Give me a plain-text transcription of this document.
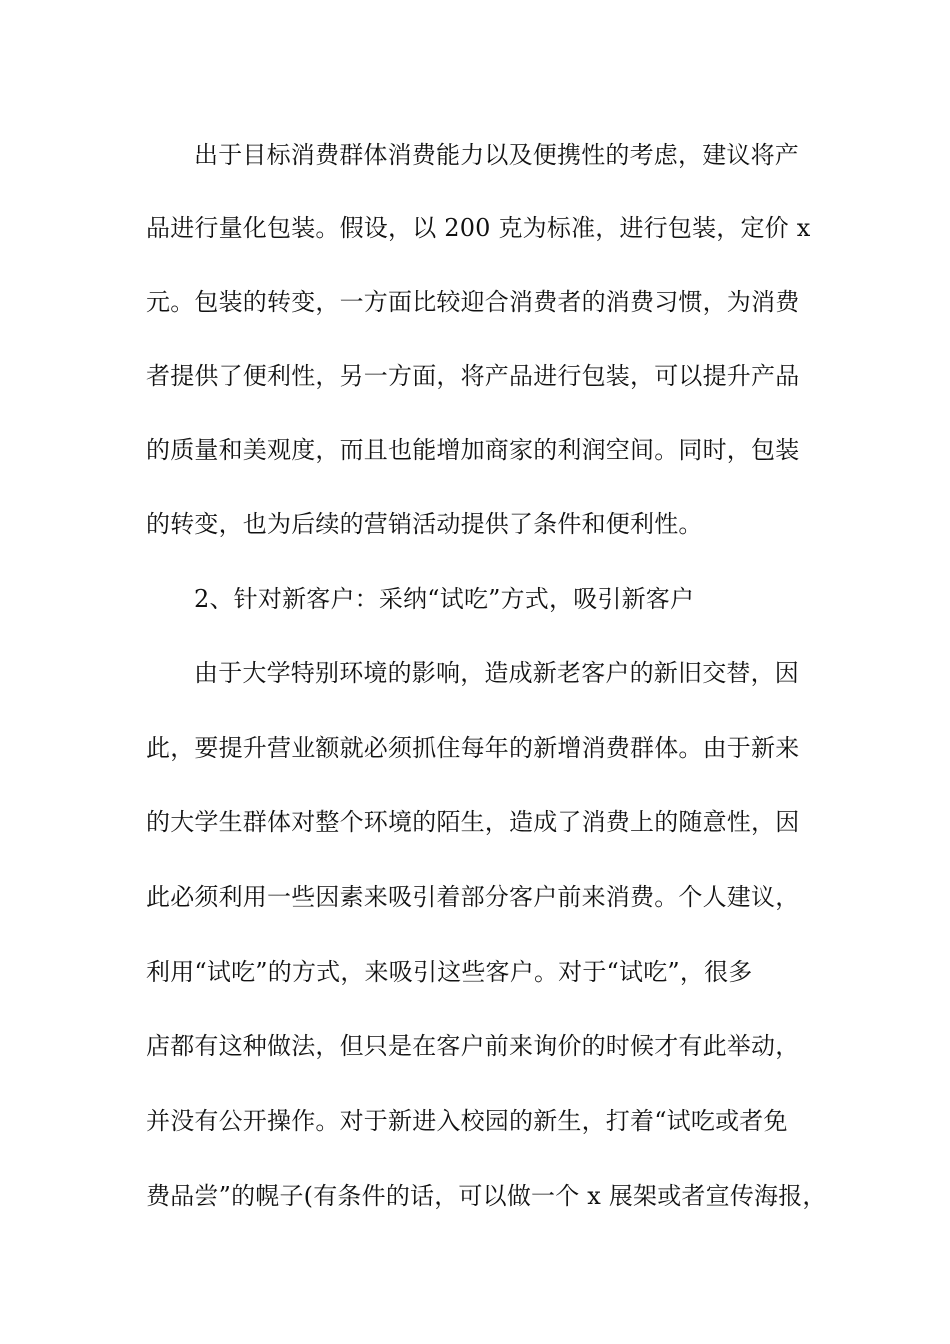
出于目标消费群体消费能力以及便携性的考虑，建议将产
品进行量化包装。假设，以 200 克为标准，进行包装，定价 x
元。包装的转变，一方面比较迎合消费者的消费习惯，为消费
者提供了便利性，另一方面，将产品进行包装，可以提升产品
的质量和美观度，而且也能增加商家的利润空间。同时，包装
的转变，也为后续的营销活动提供了条件和便利性。
2、针对新客户：采纳“试吃”方式，吸引新客户
由于大学特别环境的影响，造成新老客户的新旧交替，因
此，要提升营业额就必须抓住每年的新增消费群体。由于新来
的大学生群体对整个环境的陌生，造成了消费上的随意性，因
此必须利用一些因素来吸引着部分客户前来消费。个人建议，
利用“试吃”的方式，来吸引这些客户。对于“试吃”，很多
店都有这种做法，但只是在客户前来询价的时候才有此举动，
并没有公开操作。对于新进入校园的新生，打着“试吃或者免
费品尝”的幌子(有条件的话，可以做一个 x 展架或者宣传海报，
